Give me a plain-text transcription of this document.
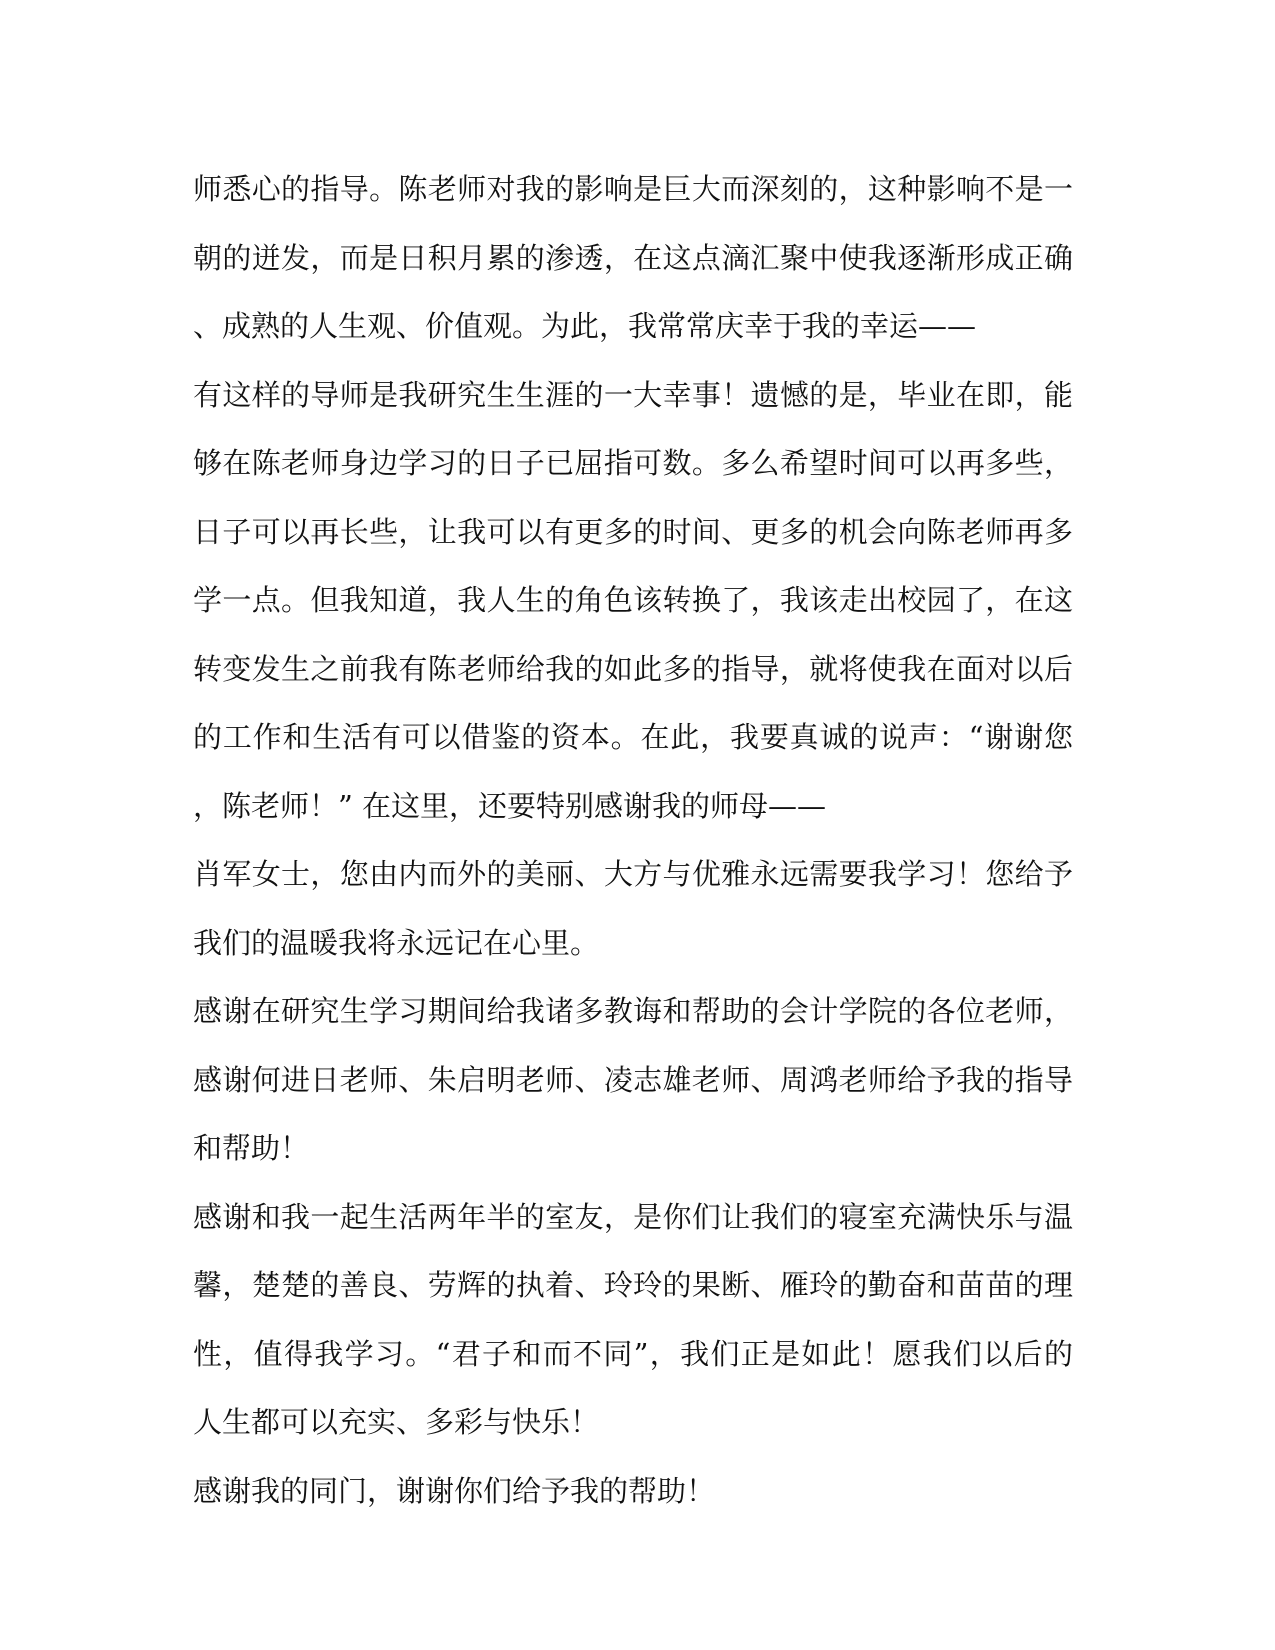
师悉心的指导。陈老师对我的影响是巨大而深刻的，这种影响不是一
朝的迸发，而是日积月累的渗透，在这点滴汇聚中使我逐渐形成正确
、成熟的人生观、价值观。为此，我常常庆幸于我的幸运——
有这样的导师是我研究生生涯的一大幸事！遗憾的是，毕业在即，能
够在陈老师身边学习的日子已屈指可数。多么希望时间可以再多些，
日子可以再长些，让我可以有更多的时间、更多的机会向陈老师再多
学一点。但我知道，我人生的角色该转换了，我该走出校园了，在这
转变发生之前我有陈老师给我的如此多的指导，就将使我在面对以后
的工作和生活有可以借鉴的资本。在此，我要真诚的说声：“谢谢您
，陈老师！” 在这里，还要特别感谢我的师母——
肖军女士，您由内而外的美丽、大方与优雅永远需要我学习！您给予
我们的温暖我将永远记在心里。
感谢在研究生学习期间给我诸多教诲和帮助的会计学院的各位老师，
感谢何进日老师、朱启明老师、凌志雄老师、周鸿老师给予我的指导
和帮助！
感谢和我一起生活两年半的室友，是你们让我们的寝室充满快乐与温
馨，楚楚的善良、劳辉的执着、玲玲的果断、雁玲的勤奋和苗苗的理
性，值得我学习。“君子和而不同”，我们正是如此！愿我们以后的
人生都可以充实、多彩与快乐！
感谢我的同门，谢谢你们给予我的帮助！
